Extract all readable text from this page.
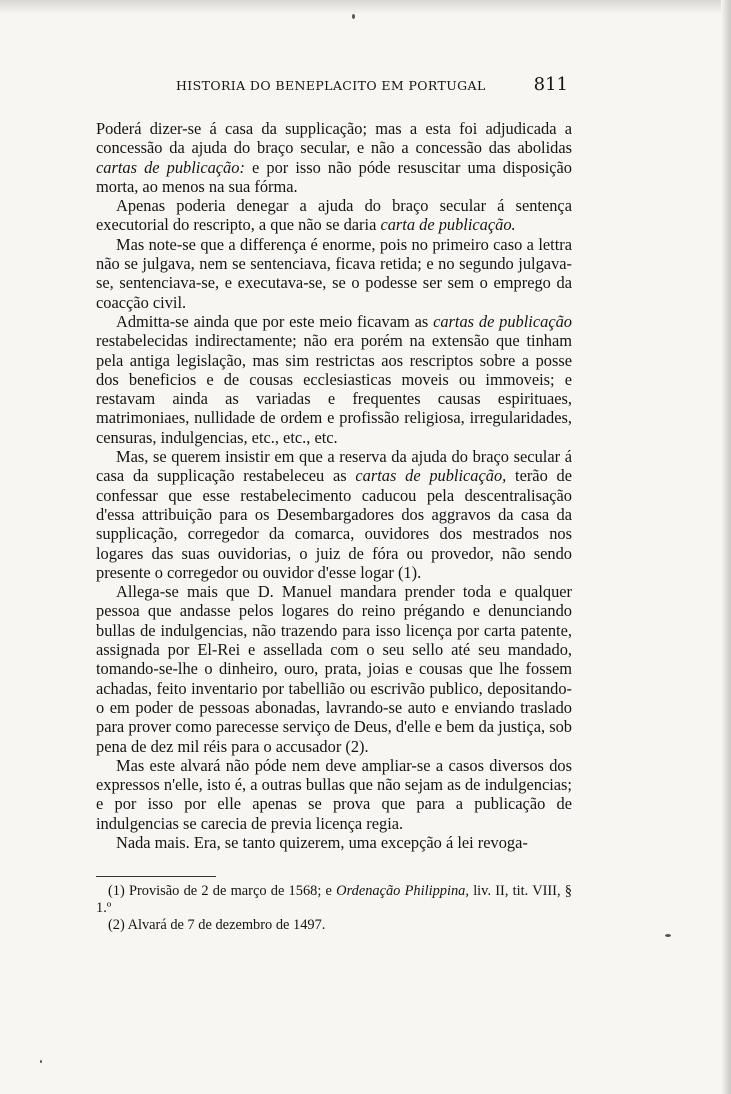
HISTORIA DO BENEPLACITO EM PORTUGAL	811

Poderá dizer-se á casa da supplicação; mas a esta foi adjudicada a concessão da ajuda do braço secular, e não a concessão das abolidas cartas de publicação: e por isso não póde resuscitar uma disposição morta, ao menos na sua fórma.

Apenas poderia denegar a ajuda do braço secular á sentença executorial do rescripto, a que não se daria carta de publicação.

Mas note-se que a differença é enorme, pois no primeiro caso a lettra não se julgava, nem se sentenciava, ficava retida; e no segundo julgava-se, sentenciava-se, e executava-se, se o podesse ser sem o emprego da coacção civil.

Admitta-se ainda que por este meio ficavam as cartas de publicação restabelecidas indirectamente; não era porém na extensão que tinham pela antiga legislação, mas sim restrictas aos rescriptos sobre a posse dos beneficios e de cousas ecclesiasticas moveis ou immoveis; e restavam ainda as variadas e frequentes causas espirituaes, matrimoniaes, nullidade de ordem e profissão religiosa, irregularidades, censuras, indulgencias, etc., etc., etc.

Mas, se querem insistir em que a reserva da ajuda do braço secular á casa da supplicação restabeleceu as cartas de publicação, terão de confessar que esse restabelecimento caducou pela descentralisação d'essa attribuição para os Desembargadores dos aggravos da casa da supplicação, corregedor da comarca, ouvidores dos mestrados nos logares das suas ouvidorias, o juiz de fóra ou provedor, não sendo presente o corregedor ou ouvidor d'esse logar (1).

Allega-se mais que D. Manuel mandara prender toda e qualquer pessoa que andasse pelos logares do reino prégando e denunciando bullas de indulgencias, não trazendo para isso licença por carta patente, assignada por El-Rei e assellada com o seu sello até seu mandado, tomando-se-lhe o dinheiro, ouro, prata, joias e cousas que lhe fossem achadas, feito inventario por tabellião ou escrivão publico, depositando-o em poder de pessoas abonadas, lavrando-se auto e enviando traslado para prover como parecesse serviço de Deus, d'elle e bem da justiça, sob pena de dez mil réis para o accusador (2).

Mas este alvará não póde nem deve ampliar-se a casos diversos dos expressos n'elle, isto é, a outras bullas que não sejam as de indulgencias; e por isso por elle apenas se prova que para a publicação de indulgencias se carecia de previa licença regia.

Nada mais. Era, se tanto quizerem, uma excepção á lei revoga-

(1) Provisão de 2 de março de 1568; e Ordenação Philippina, liv. II, tit. VIII, § 1.º

(2) Alvará de 7 de dezembro de 1497.
